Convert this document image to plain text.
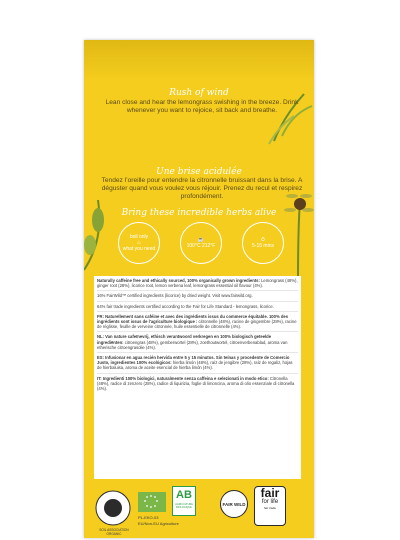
Rush of wind
Lean close and hear the lemongrass swishing in the breeze. Drink whenever you want to rejoice, sit back and breathe.
Une brise acidulée
Tendez l’oreille pour entendre la citronnelle bruissant dans la brise. A déguster quand vous voulez vous réjouir. Prenez du recul et respirez profondément.
Bring these incredible herbs alive
boil only
♨
what you need
☕
100°C 212°F
⏱
5-15 mins

Naturally caffeine free and ethically sourced, 100% organically grown ingredients: Lemongrass (48%), ginger root (28%), licorice root, lemon verbena leaf, lemongrass essential oil flavour (4%).

16% FairWild™ certified ingredients (licorice) by dried weight. Visit www.fairwild.org.

64% fair trade ingredients certified according to the Fair for Life Standard - lemongrass, licorice.

FR: Naturellement sans caféine et avec des ingrédients issus du commerce équitable. 100% des ingrédients sont issus de l'agriculture biologique : citronnelle (48%), racine de gingembre (28%), racine de réglisse, feuille de verveine citronnée, huile essentielle de citronnelle (4%).

NL: Van nature cafeïnevrij, ethisch verantwoord verkregen en 100% biologisch geteelde ingrediënten: citroengras (48%), gemberwortel (28%), zoethoutwortel, citroenverbenablad, aroma van etherische citroengrasolie (4%).

ES: Infusionar en agua recién hervida entre 5 y 15 minutos. Sin teínas y procedente de Comercio Justo, ingredientes 100% ecológicos: hierba limón (48%), raíz de jengibre (28%), raíz de regaliz, hojas de hierbaluisa, aroma de aceite esencial de hierba limón (4%).

IT: Ingredienti 100% biologici, naturalmente senza caffeina e selezionati in modo etico: Citronella (48%), radice di zenzero (28%), radice di liquirizia, foglie di limoncina, aroma di olio essenziale di citronella (4%).

SOIL ASSOCIATION ORGANIC
PL-EKO-03
EU/Non-EU Agriculture
AB
AGRICULTURE BIOLOGIQUE
FAIR WILD
fair
for life
fair trade
